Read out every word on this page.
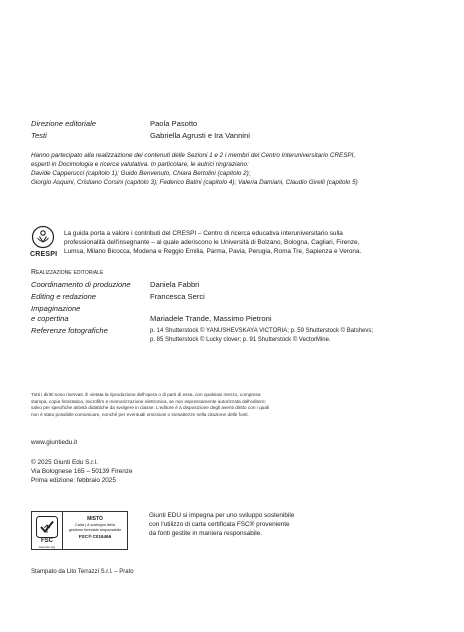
Direzione editoriale	Paola Pasotto
Testi	Gabriella Agrusti e Ira Vannini
Hanno partecipato alla realizzazione dei contenuti delle Sezioni 1 e 2 i membri del Centro Interuniversitario CRESPI,
esperti in Docimologia e ricerca valutativa. In particolare, le autrici ringraziano:
Davide Capperucci (capitolo 1); Guido Benvenuto, Chiara Bertolini (capitolo 2);
Giorgio Asquini, Cristiano Corsini (capitolo 3); Federico Batini (capitolo 4); Valeria Damiani, Claudio Girelli (capitolo 5)
CRESPI
La guida porta a valore i contributi del CRESPI – Centro di ricerca educativa interuniversitario sulla
professionalità dell'insegnante – al quale aderiscono le Università di Bolzano, Bologna, Cagliari, Firenze,
Lumsa, Milano Bicocca, Modena e Reggio Emilia, Parma, Pavia, Perugia, Roma Tre, Sapienza e Verona.
Realizzazione editoriale
Coordinamento di produzione	Daniela Fabbri
Editing e redazione	Francesca Serci
Impaginazione
e copertina	Mariadele Trande, Massimo Pietroni
Referenze fotografiche	p. 14 Shutterstock © YANUSHEVSKAYA VICTORIA; p. 59 Shutterstock © Batshevs;
p. 85 Shutterstock © Lucky clover; p. 91 Shutterstock © VectorMine.
Tutti i diritti sono riservati. È vietata la riproduzione dell'opera o di parti di essa, con qualsiasi mezzo, compresa
stampa, copia fotostatica, microfilm e memorizzazione elettronica, se non espressamente autorizzata dall'editore;
salvo per specifiche attività didattiche da svolgere in classe. L'editore è a disposizione degli aventi diritto con i quali
non è stato possibile comunicare, nonché per eventuali omissioni o inesattezze nella citazione delle fonti.
www.giuntiedu.it
© 2025 Giunti Edu S.r.l.
Via Bolognese 165 – 50139 Firenze
Prima edizione: febbraio 2025
FSC
www.fsc.org
MISTO
Carta | A sostegno della
gestione forestale responsabile
FSC® C016466
Giunti EDU si impegna per uno sviluppo sostenibile
con l'utilizzo di carta certificata FSC® proveniente
da fonti gestite in maniera responsabile.
Stampato da Lito Terrazzi S.r.l. – Prato
